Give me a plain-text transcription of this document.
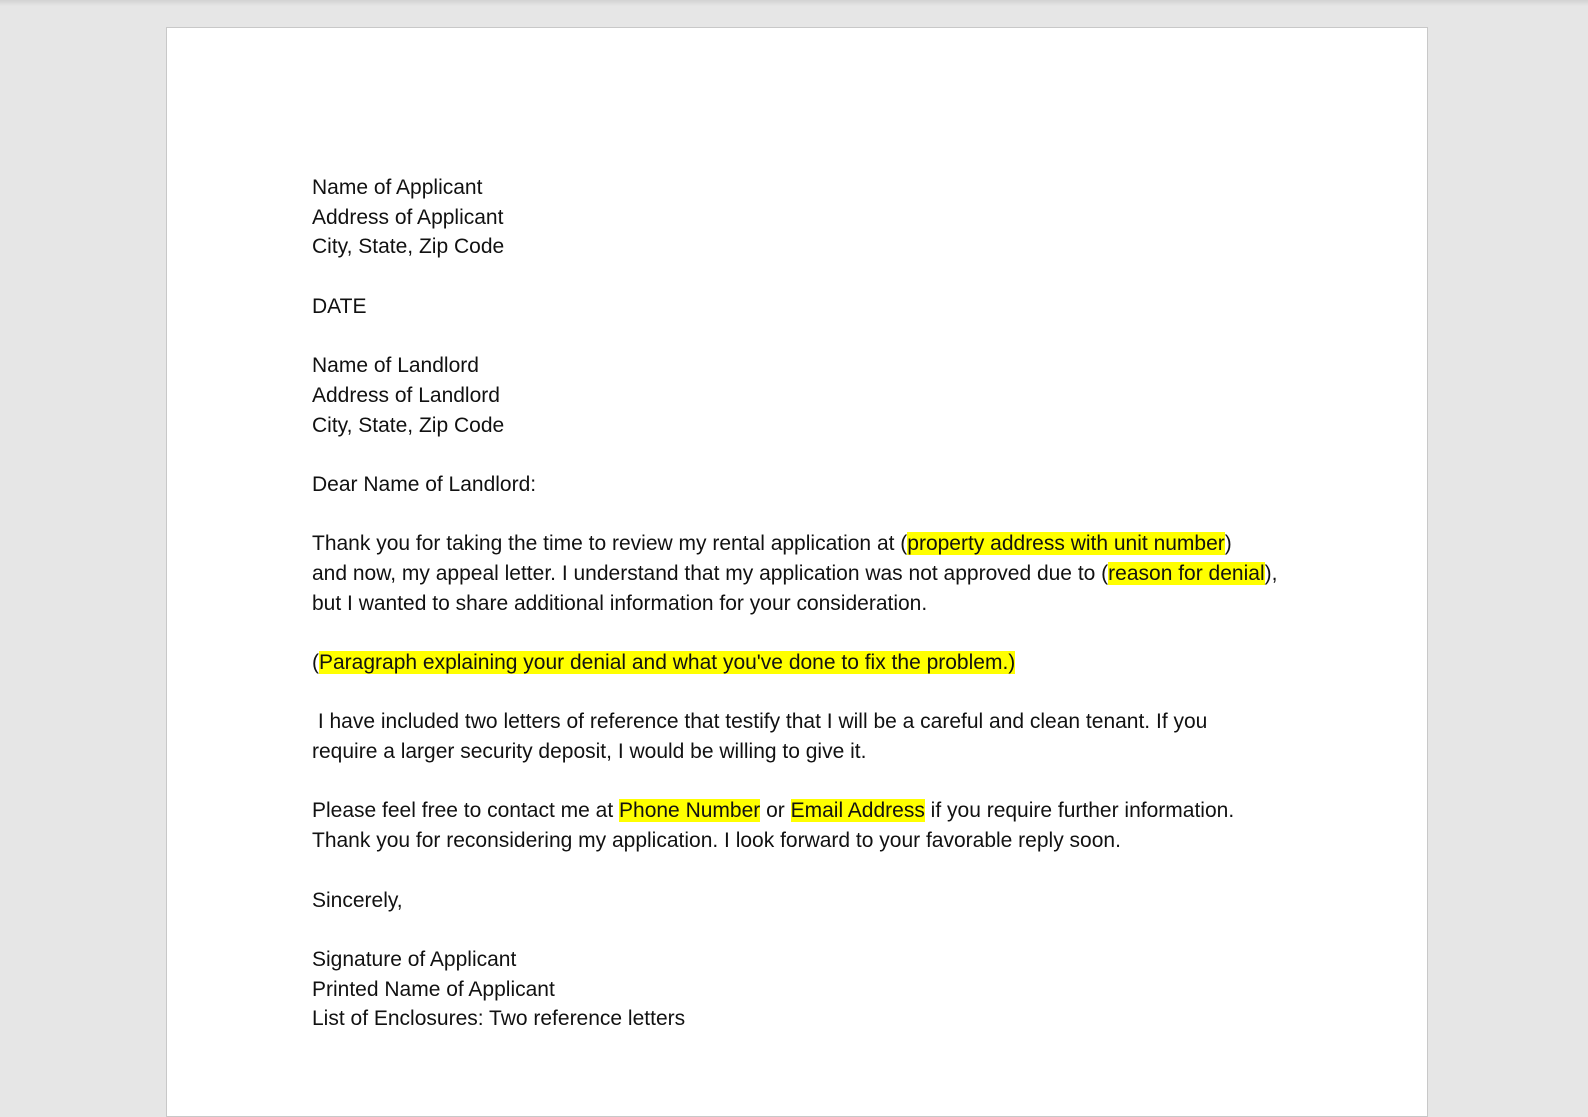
Name of Applicant
Address of Applicant
City, State, Zip Code
DATE
Name of Landlord
Address of Landlord
City, State, Zip Code
Dear Name of Landlord:
Thank you for taking the time to review my rental application at (property address with unit number)
and now, my appeal letter. I understand that my application was not approved due to (reason for denial),
but I wanted to share additional information for your consideration.
(Paragraph explaining your denial and what you've done to fix the problem.)
I have included two letters of reference that testify that I will be a careful and clean tenant. If you
require a larger security deposit, I would be willing to give it.
Please feel free to contact me at Phone Number or Email Address if you require further information.
Thank you for reconsidering my application. I look forward to your favorable reply soon.
Sincerely,
Signature of Applicant
Printed Name of Applicant
List of Enclosures: Two reference letters
